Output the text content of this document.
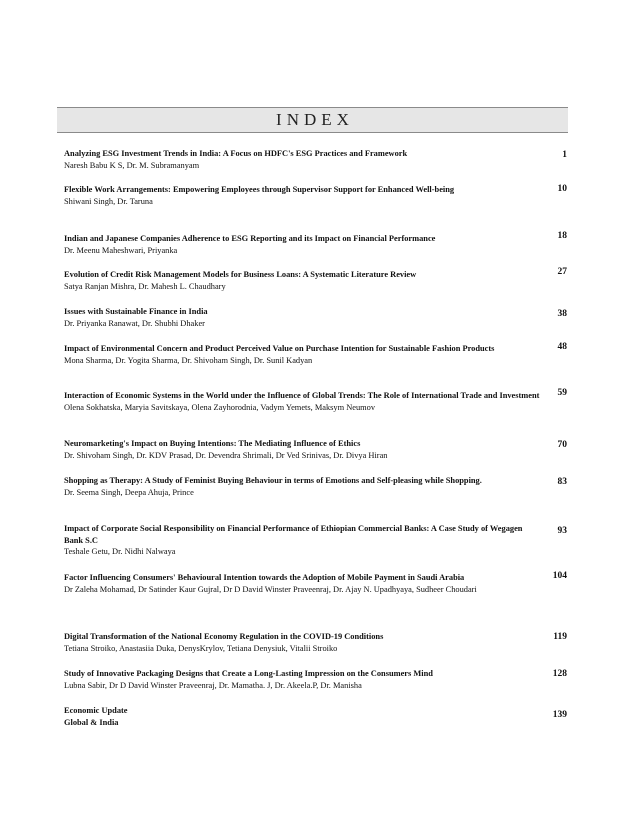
INDEX
Analyzing ESG Investment Trends in India: A Focus on HDFC's ESG Practices and Framework
Naresh Babu K S, Dr. M. Subramanyam
1
Flexible Work Arrangements: Empowering Employees through Supervisor Support for Enhanced Well-being
Shiwani Singh, Dr. Taruna
10
Indian and Japanese Companies Adherence to ESG Reporting and its Impact on Financial Performance
Dr. Meenu Maheshwari, Priyanka
18
Evolution of Credit Risk Management Models for Business Loans: A Systematic Literature Review
Satya Ranjan Mishra, Dr. Mahesh L. Chaudhary
27
Issues with Sustainable Finance in India
Dr. Priyanka Ranawat, Dr. Shubhi Dhaker
38
Impact of Environmental Concern and Product Perceived Value on Purchase Intention for Sustainable Fashion Products
Mona Sharma, Dr. Yogita Sharma, Dr. Shivoham Singh, Dr. Sunil Kadyan
48
Interaction of Economic Systems in the World under the Influence of Global Trends: The Role of International Trade and Investment
Olena Sokhatska, Maryia Savitskaya, Olena Zayhorodnia, Vadym Yemets, Maksym Neumov
59
Neuromarketing's Impact on Buying Intentions: The Mediating Influence of Ethics
Dr. Shivoham Singh, Dr. KDV Prasad, Dr. Devendra Shrimali, Dr Ved Srinivas, Dr. Divya Hiran
70
Shopping as Therapy: A Study of Feminist Buying Behaviour in terms of Emotions and Self-pleasing while Shopping.
Dr. Seema Singh, Deepa Ahuja, Prince
83
Impact of Corporate Social Responsibility on Financial Performance of Ethiopian Commercial Banks: A Case Study of Wegagen Bank S.C
Teshale Getu, Dr. Nidhi Nalwaya
93
Factor Influencing Consumers' Behavioural Intention towards the Adoption of Mobile Payment in Saudi Arabia
Dr Zaleha Mohamad, Dr Satinder Kaur Gujral, Dr D David Winster Praveenraj, Dr. Ajay N. Upadhyaya, Sudheer Choudari
104
Digital Transformation of the National Economy Regulation in the COVID-19 Conditions
Tetiana Stroiko, Anastasiia Duka, DenysKrylov, Tetiana Denysiuk, Vitalii Stroiko
119
Study of Innovative Packaging Designs that Create a Long-Lasting Impression on the Consumers Mind
Lubna Sabir, Dr D David Winster Praveenraj, Dr. Mamatha. J, Dr. Akeela.P, Dr. Manisha
128
Economic Update
Global & India
139
